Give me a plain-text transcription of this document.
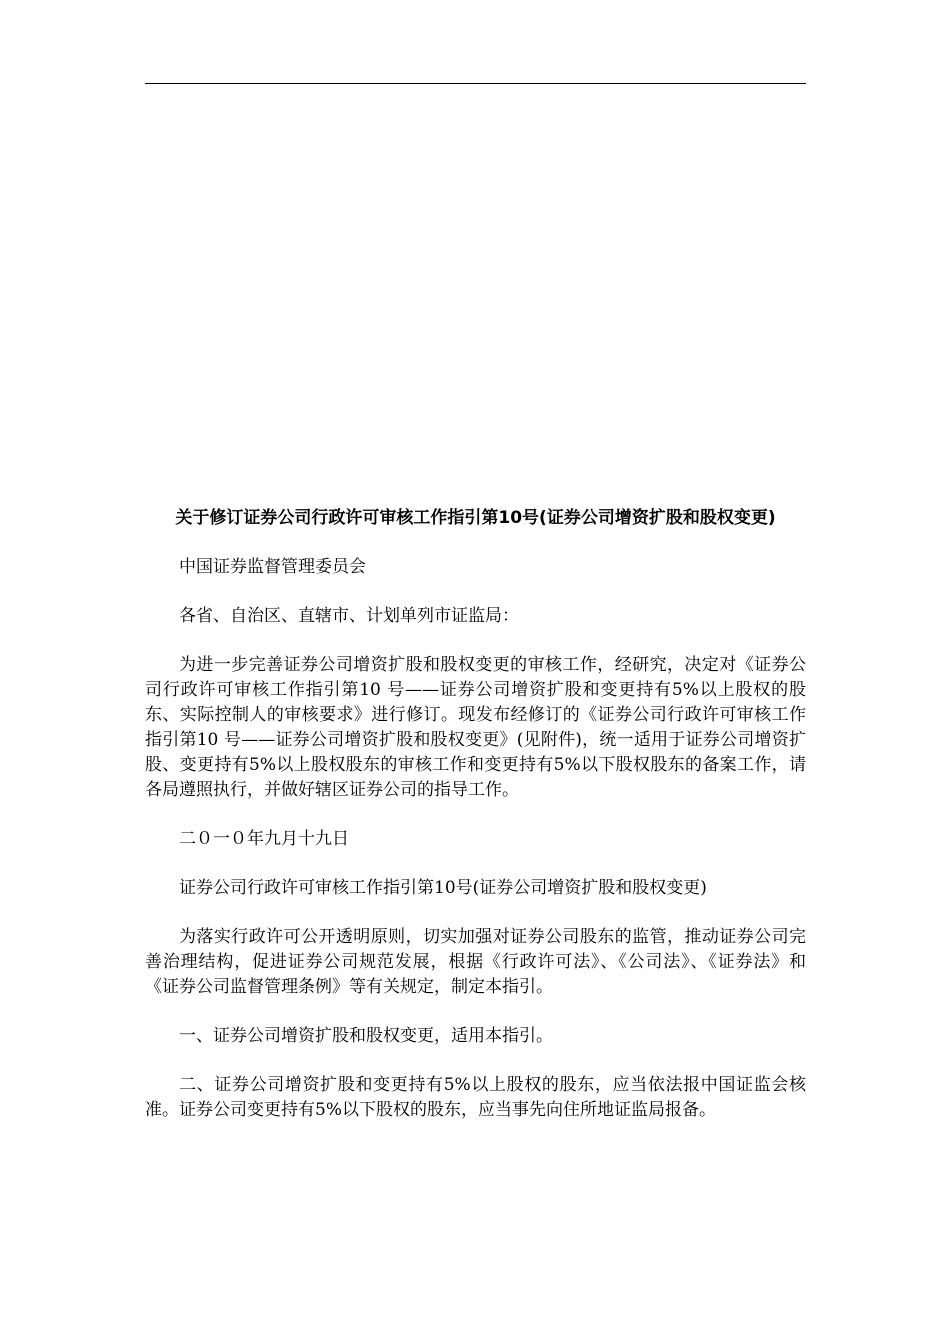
关于修订证券公司行政许可审核工作指引第10号(证券公司增资扩股和股权变更)

中国证券监督管理委员会

各省、自治区、直辖市、计划单列市证监局：

为进一步完善证券公司增资扩股和股权变更的审核工作，经研究，决定对《证券公司行政许可审核工作指引第10 号——证券公司增资扩股和变更持有5%以上股权的股东、实际控制人的审核要求》进行修订。现发布经修订的《证券公司行政许可审核工作指引第10 号——证券公司增资扩股和股权变更》(见附件)，统一适用于证券公司增资扩股、变更持有5%以上股权股东的审核工作和变更持有5%以下股权股东的备案工作，请各局遵照执行，并做好辖区证券公司的指导工作。

二０一０年九月十九日

证券公司行政许可审核工作指引第10号(证券公司增资扩股和股权变更)

为落实行政许可公开透明原则，切实加强对证券公司股东的监管，推动证券公司完善治理结构，促进证券公司规范发展，根据《行政许可法》、《公司法》、《证券法》和《证券公司监督管理条例》等有关规定，制定本指引。

一、证券公司增资扩股和股权变更，适用本指引。

二、证券公司增资扩股和变更持有5%以上股权的股东，应当依法报中国证监会核准。证券公司变更持有5%以下股权的股东，应当事先向住所地证监局报备。
